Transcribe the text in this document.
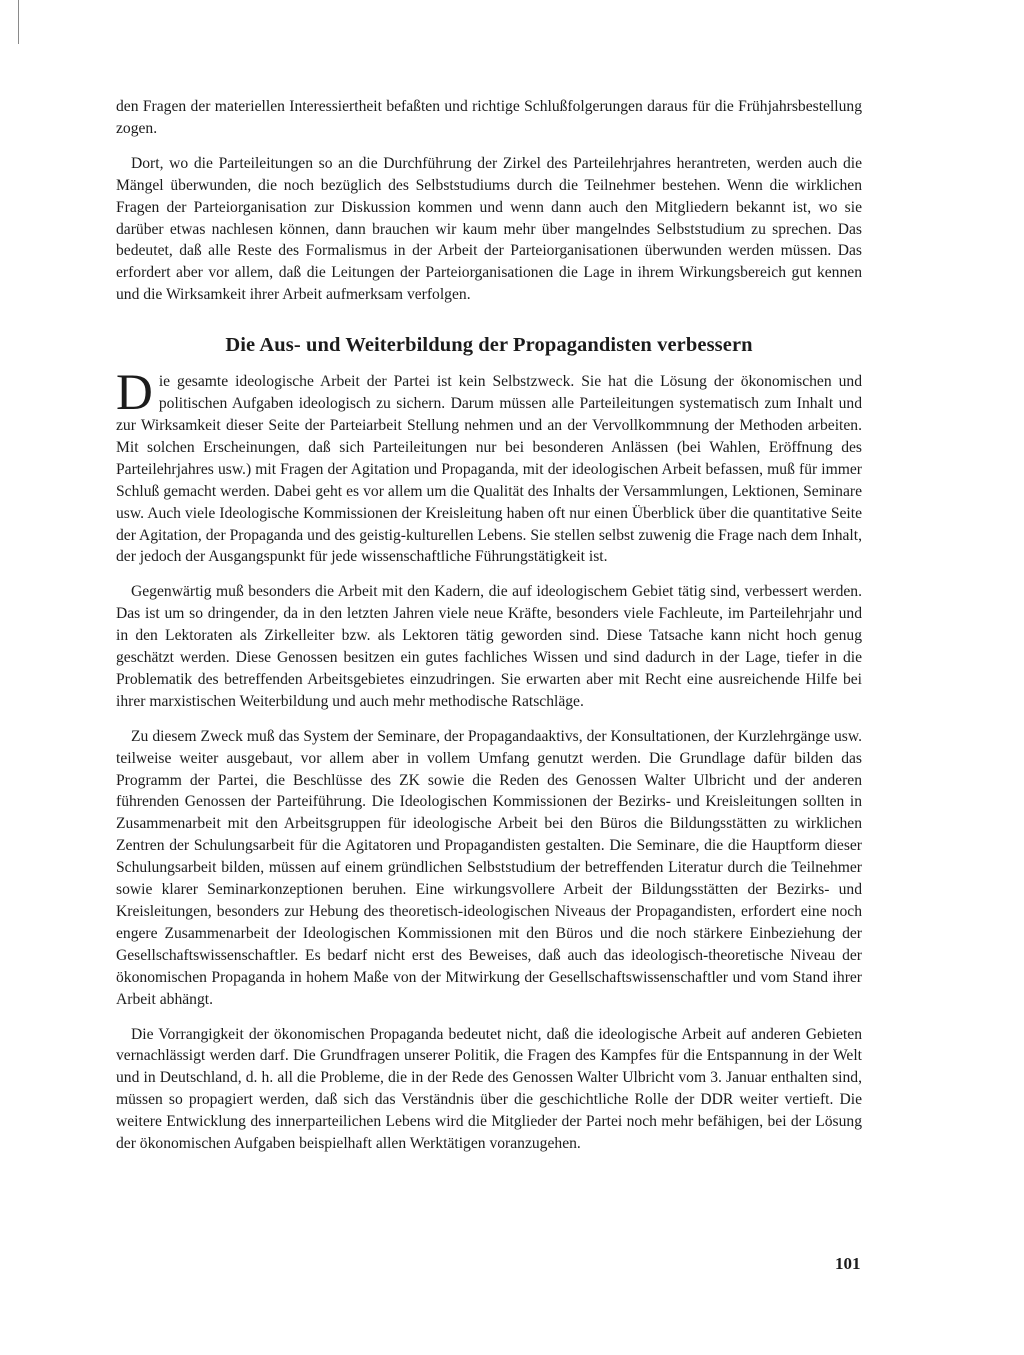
den Fragen der materiellen Interessiertheit befaßten und richtige Schlußfolgerungen daraus für die Frühjahrsbestellung zogen.

Dort, wo die Parteileitungen so an die Durchführung der Zirkel des Parteilehrjahres herantreten, werden auch die Mängel überwunden, die noch bezüglich des Selbststudiums durch die Teilnehmer bestehen. Wenn die wirklichen Fragen der Parteiorganisation zur Diskussion kommen und wenn dann auch den Mitgliedern bekannt ist, wo sie darüber etwas nachlesen können, dann brauchen wir kaum mehr über mangelndes Selbststudium zu sprechen. Das bedeutet, daß alle Reste des Formalismus in der Arbeit der Parteiorganisationen überwunden werden müssen. Das erfordert aber vor allem, daß die Leitungen der Parteiorganisationen die Lage in ihrem Wirkungsbereich gut kennen und die Wirksamkeit ihrer Arbeit aufmerksam verfolgen.

Die Aus- und Weiterbildung der Propagandisten verbessern

Die gesamte ideologische Arbeit der Partei ist kein Selbstzweck. Sie hat die Lösung der ökonomischen und politischen Aufgaben ideologisch zu sichern. Darum müssen alle Parteileitungen systematisch zum Inhalt und zur Wirksamkeit dieser Seite der Parteiarbeit Stellung nehmen und an der Vervollkommnung der Methoden arbeiten. Mit solchen Erscheinungen, daß sich Parteileitungen nur bei besonderen Anlässen (bei Wahlen, Eröffnung des Parteilehrjahres usw.) mit Fragen der Agitation und Propaganda, mit der ideologischen Arbeit befassen, muß für immer Schluß gemacht werden. Dabei geht es vor allem um die Qualität des Inhalts der Versammlungen, Lektionen, Seminare usw. Auch viele Ideologische Kommissionen der Kreisleitung haben oft nur einen Überblick über die quantitative Seite der Agitation, der Propaganda und des geistig-kulturellen Lebens. Sie stellen selbst zuwenig die Frage nach dem Inhalt, der jedoch der Ausgangspunkt für jede wissenschaftliche Führungstätigkeit ist.

Gegenwärtig muß besonders die Arbeit mit den Kadern, die auf ideologischem Gebiet tätig sind, verbessert werden. Das ist um so dringender, da in den letzten Jahren viele neue Kräfte, besonders viele Fachleute, im Parteilehrjahr und in den Lektoraten als Zirkelleiter bzw. als Lektoren tätig geworden sind. Diese Tatsache kann nicht hoch genug geschätzt werden. Diese Genossen besitzen ein gutes fachliches Wissen und sind dadurch in der Lage, tiefer in die Problematik des betreffenden Arbeitsgebietes einzudringen. Sie erwarten aber mit Recht eine ausreichende Hilfe bei ihrer marxistischen Weiterbildung und auch mehr methodische Ratschläge.

Zu diesem Zweck muß das System der Seminare, der Propagandaaktivs, der Konsultationen, der Kurzlehrgänge usw. teilweise weiter ausgebaut, vor allem aber in vollem Umfang genutzt werden. Die Grundlage dafür bilden das Programm der Partei, die Beschlüsse des ZK sowie die Reden des Genossen Walter Ulbricht und der anderen führenden Genossen der Parteiführung. Die Ideologischen Kommissionen der Bezirks- und Kreisleitungen sollten in Zusammenarbeit mit den Arbeitsgruppen für ideologische Arbeit bei den Büros die Bildungsstätten zu wirklichen Zentren der Schulungsarbeit für die Agitatoren und Propagandisten gestalten. Die Seminare, die die Hauptform dieser Schulungsarbeit bilden, müssen auf einem gründlichen Selbststudium der betreffenden Literatur durch die Teilnehmer sowie klarer Seminarkonzeptionen beruhen. Eine wirkungsvollere Arbeit der Bildungsstätten der Bezirks- und Kreisleitungen, besonders zur Hebung des theoretisch-ideologischen Niveaus der Propagandisten, erfordert eine noch engere Zusammenarbeit der Ideologischen Kommissionen mit den Büros und die noch stärkere Einbeziehung der Gesellschaftswissenschaftler. Es bedarf nicht erst des Beweises, daß auch das ideologisch-theoretische Niveau der ökonomischen Propaganda in hohem Maße von der Mitwirkung der Gesellschaftswissenschaftler und vom Stand ihrer Arbeit abhängt.

Die Vorrangigkeit der ökonomischen Propaganda bedeutet nicht, daß die ideologische Arbeit auf anderen Gebieten vernachlässigt werden darf. Die Grundfragen unserer Politik, die Fragen des Kampfes für die Entspannung in der Welt und in Deutschland, d. h. all die Probleme, die in der Rede des Genossen Walter Ulbricht vom 3. Januar enthalten sind, müssen so propagiert werden, daß sich das Verständnis über die geschichtliche Rolle der DDR weiter vertieft. Die weitere Entwicklung des innerparteilichen Lebens wird die Mitglieder der Partei noch mehr befähigen, bei der Lösung der ökonomischen Aufgaben beispielhaft allen Werktätigen voranzugehen.

101
